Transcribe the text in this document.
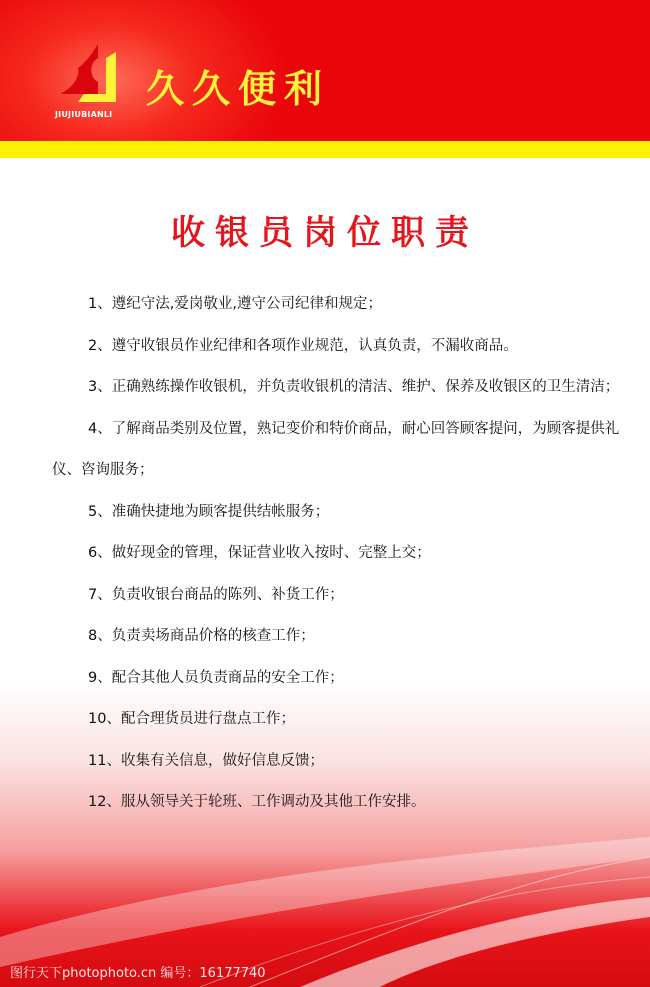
JIUJIUBIANLI
久久便利
收银员岗位职责

1、遵纪守法,爱岗敬业,遵守公司纪律和规定；

2、遵守收银员作业纪律和各项作业规范，认真负责，不漏收商品。

3、正确熟练操作收银机，并负责收银机的清洁、维护、保养及收银区的卫生清洁；

4、了解商品类别及位置，熟记变价和特价商品，耐心回答顾客提问，为顾客提供礼仪、咨询服务；

5、准确快捷地为顾客提供结帐服务；

6、做好现金的管理，保证营业收入按时、完整上交；

7、负责收银台商品的陈列、补货工作；

8、负责卖场商品价格的核查工作；

9、配合其他人员负责商品的安全工作；

10、配合理货员进行盘点工作；

11、收集有关信息，做好信息反馈；

12、服从领导关于轮班、工作调动及其他工作安排。

图行天下photophoto.cn 编号：16177740
